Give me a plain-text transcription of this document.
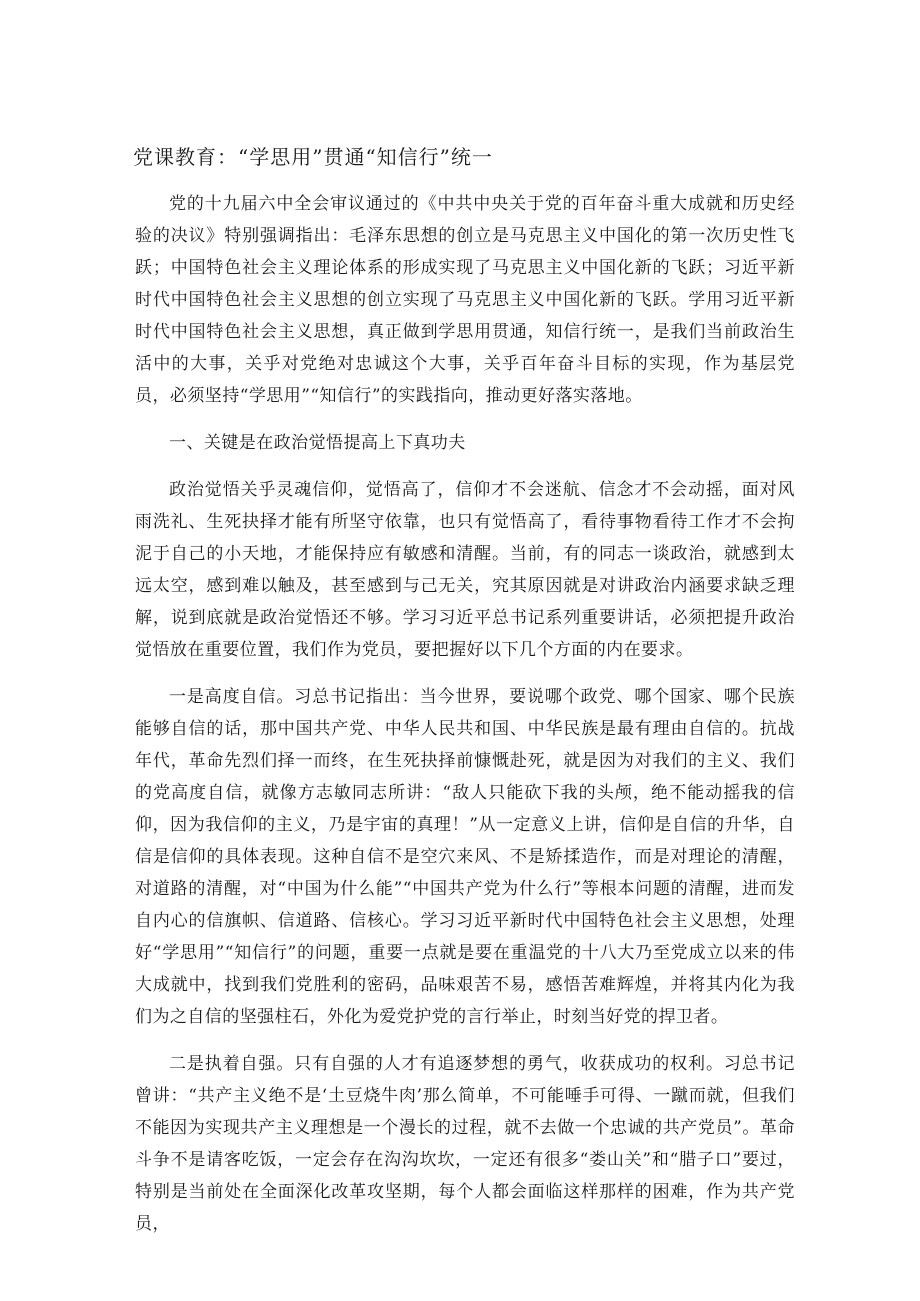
党课教育：“学思用”贯通“知信行”统一

党的十九届六中全会审议通过的《中共中央关于党的百年奋斗重大成就和历史经验的决议》特别强调指出：毛泽东思想的创立是马克思主义中国化的第一次历史性飞跃；中国特色社会主义理论体系的形成实现了马克思主义中国化新的飞跃；习近平新时代中国特色社会主义思想的创立实现了马克思主义中国化新的飞跃。学用习近平新时代中国特色社会主义思想，真正做到学思用贯通，知信行统一，是我们当前政治生活中的大事，关乎对党绝对忠诚这个大事，关乎百年奋斗目标的实现，作为基层党员，必须坚持“学思用”“知信行”的实践指向，推动更好落实落地。

一、关键是在政治觉悟提高上下真功夫

政治觉悟关乎灵魂信仰，觉悟高了，信仰才不会迷航、信念才不会动摇，面对风雨洗礼、生死抉择才能有所坚守依靠，也只有觉悟高了，看待事物看待工作才不会拘泥于自己的小天地，才能保持应有敏感和清醒。当前，有的同志一谈政治，就感到太远太空，感到难以触及，甚至感到与己无关，究其原因就是对讲政治内涵要求缺乏理解，说到底就是政治觉悟还不够。学习习近平总书记系列重要讲话，必须把提升政治觉悟放在重要位置，我们作为党员，要把握好以下几个方面的内在要求。

一是高度自信。习总书记指出：当今世界，要说哪个政党、哪个国家、哪个民族能够自信的话，那中国共产党、中华人民共和国、中华民族是最有理由自信的。抗战年代，革命先烈们择一而终，在生死抉择前慷慨赴死，就是因为对我们的主义、我们的党高度自信，就像方志敏同志所讲：“敌人只能砍下我的头颅，绝不能动摇我的信仰，因为我信仰的主义，乃是宇宙的真理！”从一定意义上讲，信仰是自信的升华，自信是信仰的具体表现。这种自信不是空穴来风、不是矫揉造作，而是对理论的清醒，对道路的清醒，对“中国为什么能”“中国共产党为什么行”等根本问题的清醒，进而发自内心的信旗帜、信道路、信核心。学习习近平新时代中国特色社会主义思想，处理好“学思用”“知信行”的问题，重要一点就是要在重温党的十八大乃至党成立以来的伟大成就中，找到我们党胜利的密码，品味艰苦不易，感悟苦难辉煌，并将其内化为我们为之自信的坚强柱石，外化为爱党护党的言行举止，时刻当好党的捍卫者。

二是执着自强。只有自强的人才有追逐梦想的勇气，收获成功的权利。习总书记曾讲：“共产主义绝不是‘土豆烧牛肉’那么简单，不可能唾手可得、一蹴而就，但我们不能因为实现共产主义理想是一个漫长的过程，就不去做一个忠诚的共产党员”。革命斗争不是请客吃饭，一定会存在沟沟坎坎，一定还有很多“娄山关”和“腊子口”要过，特别是当前处在全面深化改革攻坚期，每个人都会面临这样那样的困难，作为共产党员，
